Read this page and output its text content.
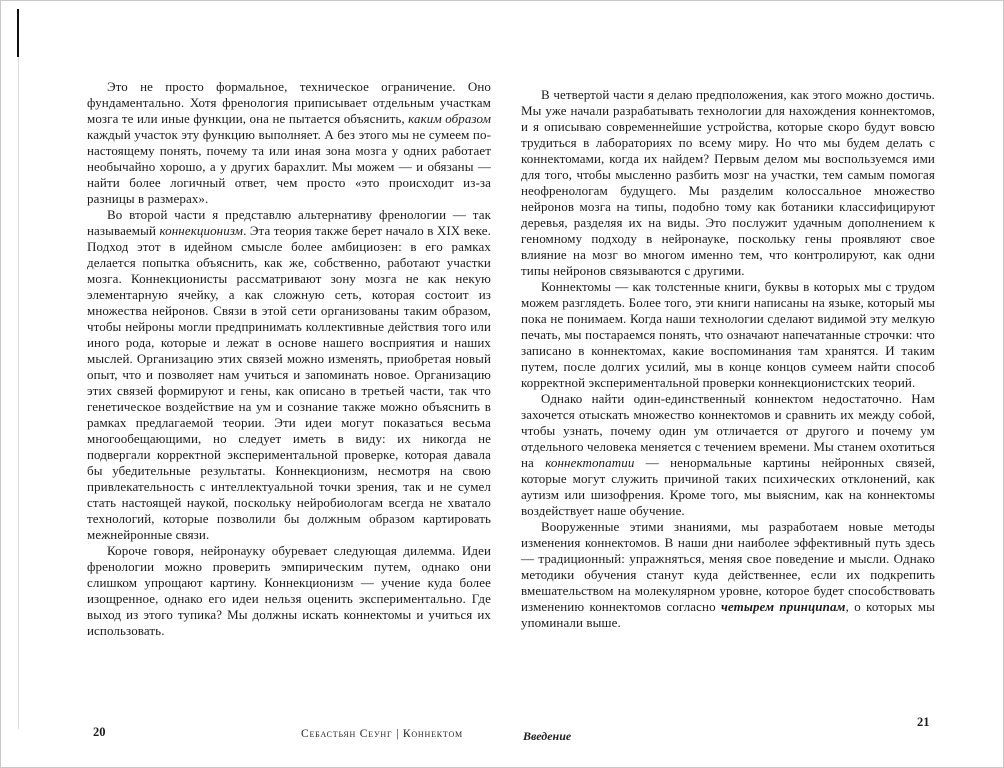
Это не просто формальное, техническое ограничение. Оно фундаментально. Хотя френология приписывает отдельным участкам мозга те или иные функции, она не пытается объяснить, каким образом каждый участок эту функцию выполняет. А без этого мы не сумеем по-настоящему понять, почему та или иная зона мозга у одних работает необычайно хорошо, а у других барахлит. Мы можем — и обязаны — найти более логичный ответ, чем просто «это происходит из-за разницы в размерах».

Во второй части я представлю альтернативу френологии — так называемый коннекционизм. Эта теория также берет начало в XIX веке. Подход этот в идейном смысле более амбициозен: в его рамках делается попытка объяснить, как же, собственно, работают участки мозга. Коннекционисты рассматривают зону мозга не как некую элементарную ячейку, а как сложную сеть, которая состоит из множества нейронов. Связи в этой сети организованы таким образом, чтобы нейроны могли предпринимать коллективные действия того или иного рода, которые и лежат в основе нашего восприятия и наших мыслей. Организацию этих связей можно изменять, приобретая новый опыт, что и позволяет нам учиться и запоминать новое. Организацию этих связей формируют и гены, как описано в третьей части, так что генетическое воздействие на ум и сознание также можно объяснить в рамках предлагаемой теории. Эти идеи могут показаться весьма многообещающими, но следует иметь в виду: их никогда не подвергали корректной экспериментальной проверке, которая давала бы убедительные результаты. Коннекционизм, несмотря на свою привлекательность с интеллектуальной точки зрения, так и не сумел стать настоящей наукой, поскольку нейробиологам всегда не хватало технологий, которые позволили бы должным образом картировать межнейронные связи.

Короче говоря, нейронауку обуревает следующая дилемма. Идеи френологии можно проверить эмпирическим путем, однако они слишком упрощают картину. Коннекционизм — учение куда более изощренное, однако его идеи нельзя оценить экспериментально. Где выход из этого тупика? Мы должны искать коннектомы и учиться их использовать.

В четвертой части я делаю предположения, как этого можно достичь. Мы уже начали разрабатывать технологии для нахождения коннектомов, и я описываю современнейшие устройства, которые скоро будут вовсю трудиться в лабораториях по всему миру. Но что мы будем делать с коннектомами, когда их найдем? Первым делом мы воспользуемся ими для того, чтобы мысленно разбить мозг на участки, тем самым помогая неофренологам будущего. Мы разделим колоссальное множество нейронов мозга на типы, подобно тому как ботаники классифицируют деревья, разделяя их на виды. Это послужит удачным дополнением к геномному подходу в нейронауке, поскольку гены проявляют свое влияние на мозг во многом именно тем, что контролируют, как одни типы нейронов связываются с другими.

Коннектомы — как толстенные книги, буквы в которых мы с трудом можем разглядеть. Более того, эти книги написаны на языке, который мы пока не понимаем. Когда наши технологии сделают видимой эту мелкую печать, мы постараемся понять, что означают напечатанные строчки: что записано в коннектомах, какие воспоминания там хранятся. И таким путем, после долгих усилий, мы в конце концов сумеем найти способ корректной экспериментальной проверки коннекционистских теорий.

Однако найти один-единственный коннектом недостаточно. Нам захочется отыскать множество коннектомов и сравнить их между собой, чтобы узнать, почему один ум отличается от другого и почему ум отдельного человека меняется с течением времени. Мы станем охотиться на коннектопатии — ненормальные картины нейронных связей, которые могут служить причиной таких психических отклонений, как аутизм или шизофрения. Кроме того, мы выясним, как на коннектомы воздействует наше обучение.

Вооруженные этими знаниями, мы разработаем новые методы изменения коннектомов. В наши дни наиболее эффективный путь здесь — традиционный: упражняться, меняя свое поведение и мысли. Однако методики обучения станут куда действеннее, если их подкрепить вмешательством на молекулярном уровне, которое будет способствовать изменению коннектомов согласно четырем принципам, о которых мы упоминали выше.

20	Себастьян Сеунг | Коннектом	Введение
21
